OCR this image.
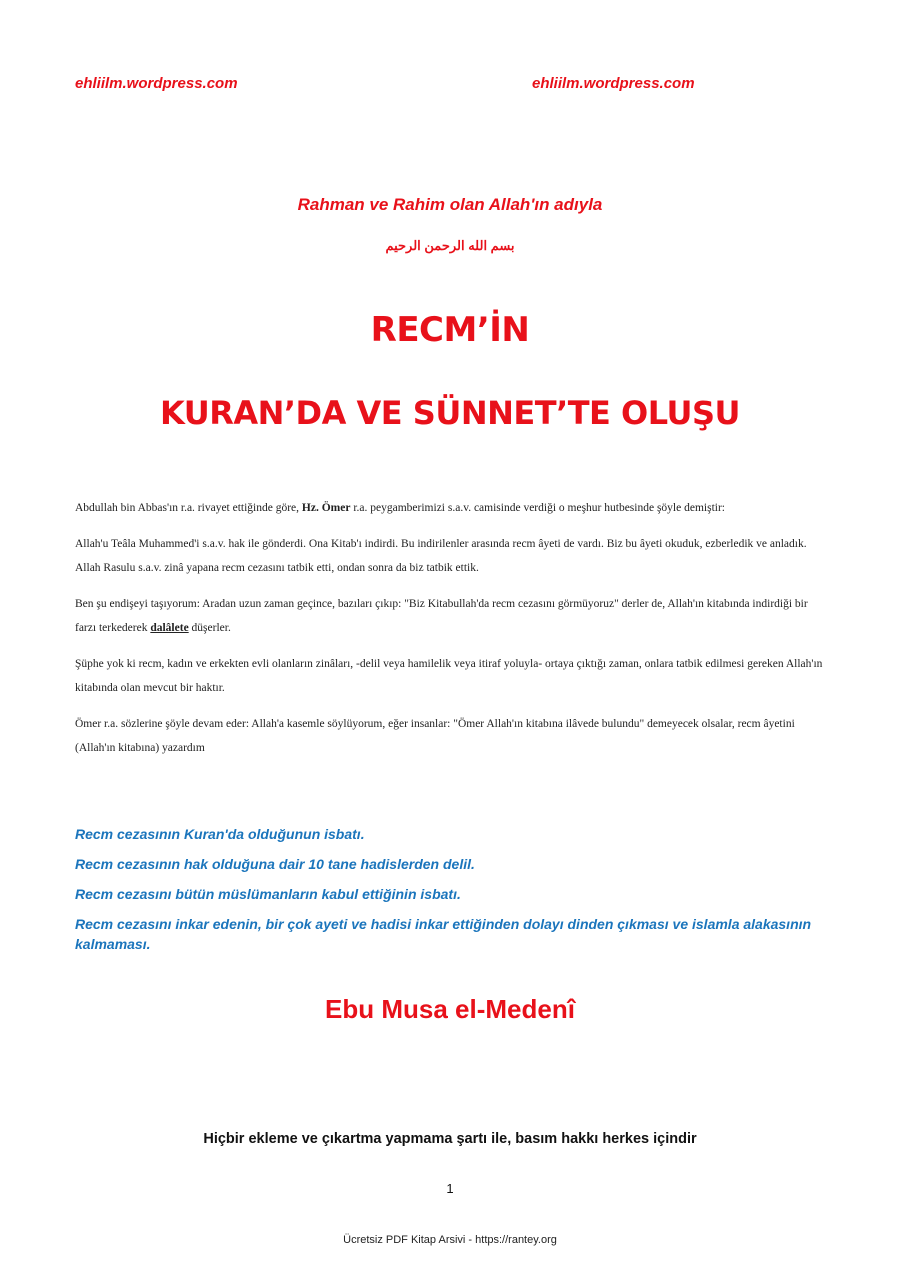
ehliilm.wordpress.com	ehliilm.wordpress.com
Rahman ve Rahim olan Allah'ın adıyla
بسم الله الرحمن الرحيم
RECM’İN
KURAN’DA VE SÜNNET’TE OLUŞU

Abdullah bin Abbas'ın r.a. rivayet ettiğinde göre, Hz. Ömer r.a. peygamberimizi s.a.v. camisinde verdiği o meşhur hutbesinde şöyle demiştir:

Allah'u Teâla Muhammed'i s.a.v. hak ile gönderdi. Ona Kitab'ı indirdi. Bu indirilenler arasında recm âyeti de vardı. Biz bu âyeti okuduk, ezberledik ve anladık. Allah Rasulu s.a.v. zinâ yapana recm cezasını tatbik etti, ondan sonra da biz tatbik ettik.

Ben şu endişeyi taşıyorum: Aradan uzun zaman geçince, bazıları çıkıp: "Biz Kitabullah'da recm cezasını görmüyoruz" derler de, Allah'ın kitabında indirdiği bir farzı terkederek dalâlete düşerler.

Şüphe yok ki recm, kadın ve erkekten evli olanların zinâları, -delil veya hamilelik veya itiraf yoluyla- ortaya çıktığı zaman, onlara tatbik edilmesi gereken Allah'ın kitabında olan mevcut bir haktır.

Ömer r.a. sözlerine şöyle devam eder: Allah'a kasemle söylüyorum, eğer insanlar: "Ömer Allah'ın kitabına ilâvede bulundu" demeyecek olsalar, recm âyetini (Allah'ın kitabına) yazardım

Recm cezasının Kuran'da olduğunun isbatı.
Recm cezasının hak olduğuna dair 10 tane hadislerden delil.
Recm cezasını bütün müslümanların kabul ettiğinin isbatı.
Recm cezasını inkar edenin, bir çok ayeti ve hadisi inkar ettiğinden dolayı dinden çıkması ve islamla alakasının kalmaması.
Ebu Musa el-Medenî
Hiçbir ekleme ve çıkartma yapmama şartı ile, basım hakkı herkes içindir
1
Ücretsiz PDF Kitap Arsivi - https://rantey.org
